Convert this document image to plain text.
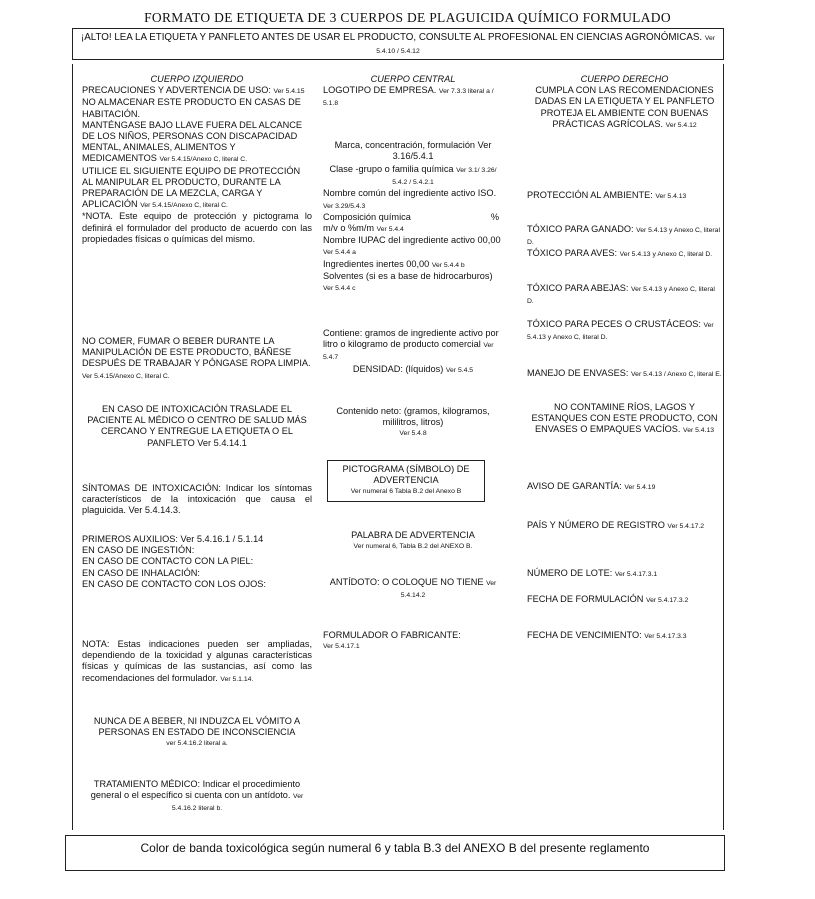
FORMATO DE ETIQUETA DE 3 CUERPOS DE PLAGUICIDA QUÍMICO FORMULADO
¡ALTO! LEA LA ETIQUETA Y PANFLETO ANTES DE USAR EL PRODUCTO, CONSULTE AL PROFESIONAL EN CIENCIAS AGRONÓMICAS. Ver 5.4.10 / 5.4.12
CUERPO IZQUIERDO
PRECAUCIONES Y ADVERTENCIA DE USO: Ver 5.4.15
NO ALMACENAR ESTE PRODUCTO EN CASAS DE HABITACIÓN.
MANTÉNGASE BAJO LLAVE FUERA DEL ALCANCE DE LOS NIÑOS, PERSONAS CON DISCAPACIDAD MENTAL, ANIMALES, ALIMENTOS Y MEDICAMENTOS Ver 5.4.15/Anexo C, literal C.
UTILICE EL SIGUIENTE EQUIPO DE PROTECCIÓN AL MANIPULAR EL PRODUCTO, DURANTE LA PREPARACIÓN DE LA MEZCLA, CARGA Y APLICACIÓN Ver 5.4.15/Anexo C, literal C.
*NOTA. Este equipo de protección y pictograma lo definirá el formulador del producto de acuerdo con las propiedades físicas o químicas del mismo.
NO COMER, FUMAR O BEBER DURANTE LA MANIPULACIÓN DE ESTE PRODUCTO, BÁÑESE DESPUÉS DE TRABAJAR Y PÓNGASE ROPA LIMPIA. Ver 5.4.15/Anexo C, literal C.
EN CASO DE INTOXICACIÓN TRASLADE EL PACIENTE AL MÉDICO O CENTRO DE SALUD MÁS CERCANO Y ENTREGUE LA ETIQUETA O EL PANFLETO Ver 5.4.14.1
SÍNTOMAS DE INTOXICACIÓN: Indicar los síntomas característicos de la intoxicación que causa el plaguicida. Ver 5.4.14.3.
PRIMEROS AUXILIOS: Ver 5.4.16.1 / 5.1.14
EN CASO DE INGESTIÓN:
EN CASO DE CONTACTO CON LA PIEL:
EN CASO DE INHALACIÓN:
EN CASO DE CONTACTO CON LOS OJOS:
NOTA: Estas indicaciones pueden ser ampliadas, dependiendo de la toxicidad y algunas características físicas y químicas de las sustancias, así como las recomendaciones del formulador. Ver 5.1.14.
NUNCA DE A BEBER, NI INDUZCA EL VÓMITO A PERSONAS EN ESTADO DE INCONSCIENCIA
ver 5.4.16.2 literal a.
TRATAMIENTO MÉDICO: Indicar el procedimiento general o el específico si cuenta con un antídoto. Ver 5.4.16.2 literal b.
CUERPO CENTRAL
LOGOTIPO DE EMPRESA. Ver 7.3.3 literal a / 5.1.8
Marca, concentración, formulación Ver 3.16/5.4.1
Clase -grupo o familia química Ver 3.1/ 3.26/ 5.4.2 / 5.4.2.1
Nombre común del ingrediente activo ISO. Ver 3.29/5.4.3
Composición química	%
m/v o %m/m Ver 5.4.4
Nombre IUPAC del ingrediente activo 00,00 Ver 5.4.4 a
Ingredientes inertes 00,00 Ver 5.4.4 b
Solventes (si es a base de hidrocarburos) Ver 5.4.4 c
Contiene: gramos de ingrediente activo por litro o kilogramo de producto comercial Ver 5.4.7
DENSIDAD: (líquidos) Ver 5.4.5
Contenido neto: (gramos, kilogramos, mililitros, litros)
Ver 5.4.8
PICTOGRAMA (SÍMBOLO) DE ADVERTENCIA
Ver numeral 6 Tabla B.2 del Anexo B
PALABRA DE ADVERTENCIA
Ver numeral 6, Tabla B.2 del ANEXO B.
ANTÍDOTO: O COLOQUE NO TIENE Ver 5.4.14.2
FORMULADOR O FABRICANTE:
Ver 5.4.17.1
CUERPO DERECHO
CUMPLA CON LAS RECOMENDACIONES DADAS EN LA ETIQUETA Y EL PANFLETO PROTEJA EL AMBIENTE CON BUENAS PRÁCTICAS AGRÍCOLAS. Ver 5.4.12
PROTECCIÓN AL AMBIENTE: Ver 5.4.13
TÓXICO PARA GANADO: Ver 5.4.13 y Anexo C, literal D.
TÓXICO PARA AVES: Ver 5.4.13 y Anexo C, literal D.
TÓXICO PARA ABEJAS: Ver 5.4.13 y Anexo C, literal D.
TÓXICO PARA PECES O CRUSTÁCEOS: Ver 5.4.13 y Anexo C, literal D.
MANEJO DE ENVASES: Ver 5.4.13 / Anexo C, literal E.
NO CONTAMINE RÍOS, LAGOS Y ESTANQUES CON ESTE PRODUCTO, CON ENVASES O EMPAQUES VACÍOS. Ver 5.4.13
AVISO DE GARANTÍA: Ver 5.4.19
PAÍS Y NÚMERO DE REGISTRO Ver 5.4.17.2
NÚMERO DE LOTE: Ver 5.4.17.3.1
FECHA DE FORMULACIÓN Ver 5.4.17.3.2
FECHA DE VENCIMIENTO: Ver 5.4.17.3.3
Color de banda toxicológica según numeral 6 y tabla B.3 del ANEXO B del presente reglamento
